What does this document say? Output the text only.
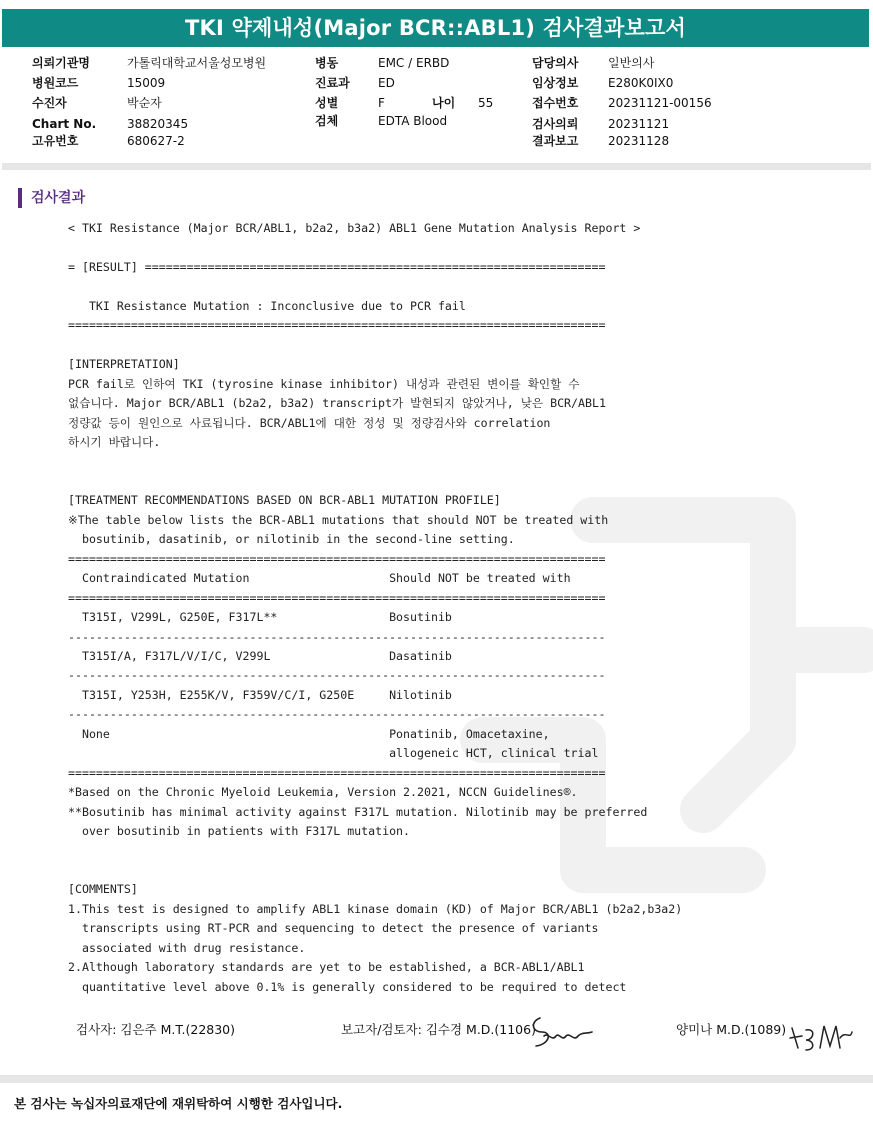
TKI 약제내성(Major BCR::ABL1) 검사결과보고서
의뢰기관명	가톨릭대학교서울성모병원
병원코드	15009
수진자	박순자
Chart No.	38820345
고유번호	680627-2
병동	EMC / ERBD
진료과 ED
성별	F	나이 55
검체	EDTA Blood
담당의사 일반의사
임상정보 E280K0IX0
접수번호 20231121-00156
검사의뢰 20231121
결과보고 20231128
검사결과
< TKI Resistance (Major BCR/ABL1, b2a2, b3a2) ABL1 Gene Mutation Analysis Report >

= [RESULT] ==================================================================

TKI Resistance Mutation : Inconclusive due to PCR fail
=============================================================================

[INTERPRETATION]
PCR fail로 인하여 TKI (tyrosine kinase inhibitor) 내성과 관련된 변이를 확인할 수
없습니다. Major BCR/ABL1 (b2a2, b3a2) transcript가 발현되지 않았거나, 낮은 BCR/ABL1
정량값 등이 원인으로 사료됩니다. BCR/ABL1에 대한 정성 및 정량검사와 correlation
하시기 바랍니다.

[TREATMENT RECOMMENDATIONS BASED ON BCR-ABL1 MUTATION PROFILE]
※The table below lists the BCR-ABL1 mutations that should NOT be treated with
bosutinib, dasatinib, or nilotinib in the second-line setting.
=============================================================================
Contraindicated Mutation                    Should NOT be treated with
=============================================================================
T315I, V299L, G250E, F317L**                Bosutinib
-----------------------------------------------------------------------------
T315I/A, F317L/V/I/C, V299L                 Dasatinib
-----------------------------------------------------------------------------
T315I, Y253H, E255K/V, F359V/C/I, G250E     Nilotinib
-----------------------------------------------------------------------------
None                                        Ponatinib, Omacetaxine,
allogeneic HCT, clinical trial
=============================================================================
*Based on the Chronic Myeloid Leukemia, Version 2.2021, NCCN Guidelines®.
**Bosutinib has minimal activity against F317L mutation. Nilotinib may be preferred
over bosutinib in patients with F317L mutation.

[COMMENTS]
1.This test is designed to amplify ABL1 kinase domain (KD) of Major BCR/ABL1 (b2a2,b3a2)
transcripts using RT-PCR and sequencing to detect the presence of variants
associated with drug resistance.
2.Although laboratory standards are yet to be established, a BCR-ABL1/ABL1
quantitative level above 0.1% is generally considered to be required to detect
검사자: 김은주 M.T.(22830)	보고자/검토자: 김수경 M.D.(1106)	양미나 M.D.(1089)
본 검사는 녹십자의료재단에 재위탁하여 시행한 검사입니다.
